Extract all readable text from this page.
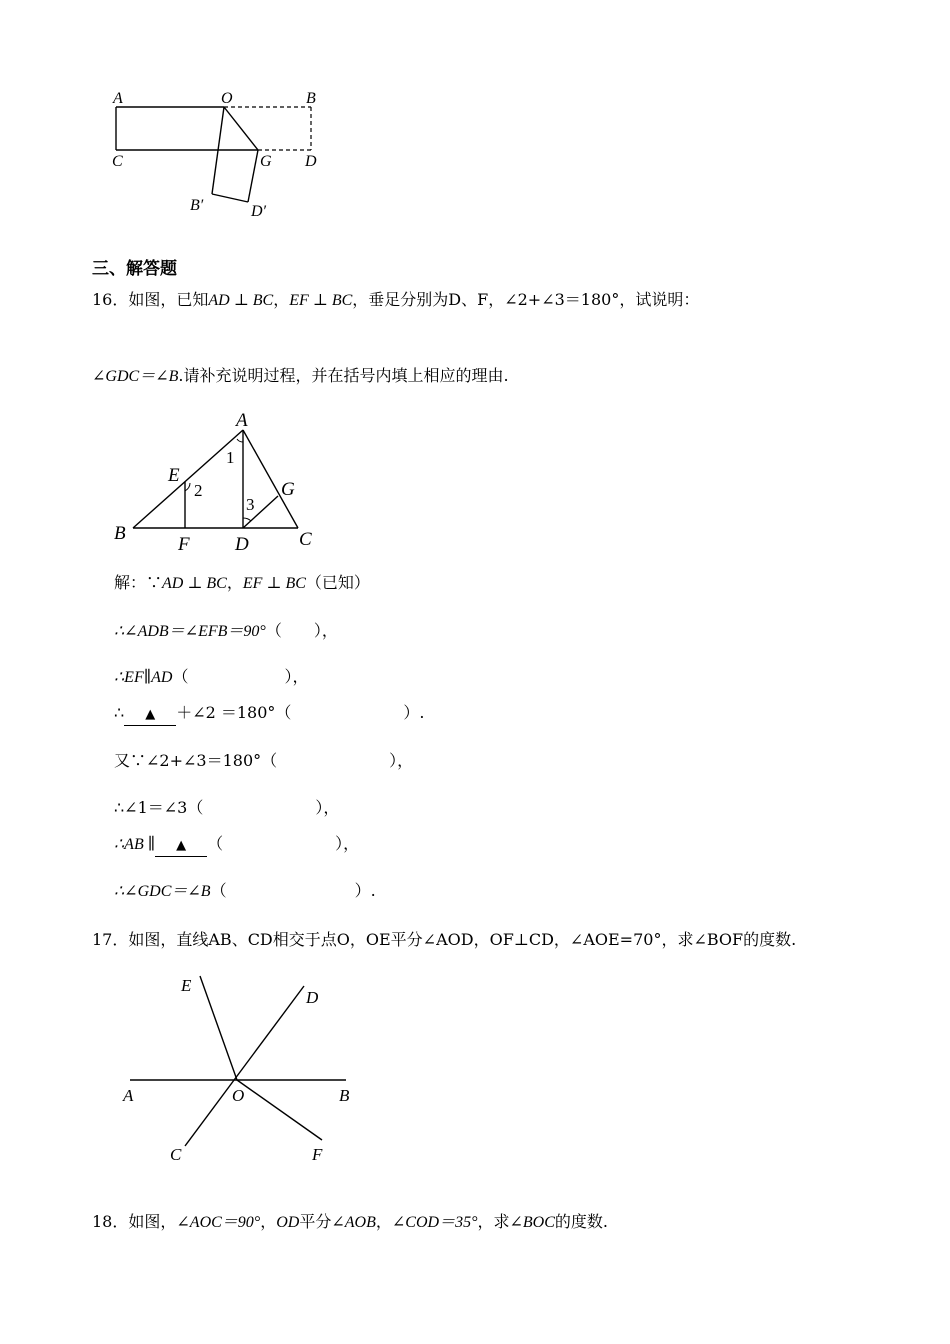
A	O	B
C	G D
B′	D′
三、解答题
16．如图，已知AD ⊥ BC，EF ⊥ BC，垂足分别为D、F，∠2+∠3＝180°，试说明：
∠GDC＝∠B.请补充说明过程，并在括号内填上相应的理由.
A
E
G
B
F D	C
1
2
3
解：∵AD ⊥ BC，EF ⊥ BC（已知）
∴∠ADB＝∠EFB＝90°（　　），
∴EF∥AD（　　　　　　），
∴ ▲ ＋∠2 ＝180°（　　　　　　　）.
又∵∠2+∠3＝180°（　　　　　　　），
∴∠1＝∠3（　　　　　　　），
∴AB ∥ ▲ （　　　　　　　），
∴∠GDC＝∠B（　　　　　　　　）.
17．如图，直线AB、CD相交于点O，OE平分∠AOD，OF⊥CD，∠AOE=70°，求∠BOF的度数.
E
D
A	O	B
C	F
18．如图，∠AOC＝90°，OD平分∠AOB，∠COD＝35°，求∠BOC的度数.
